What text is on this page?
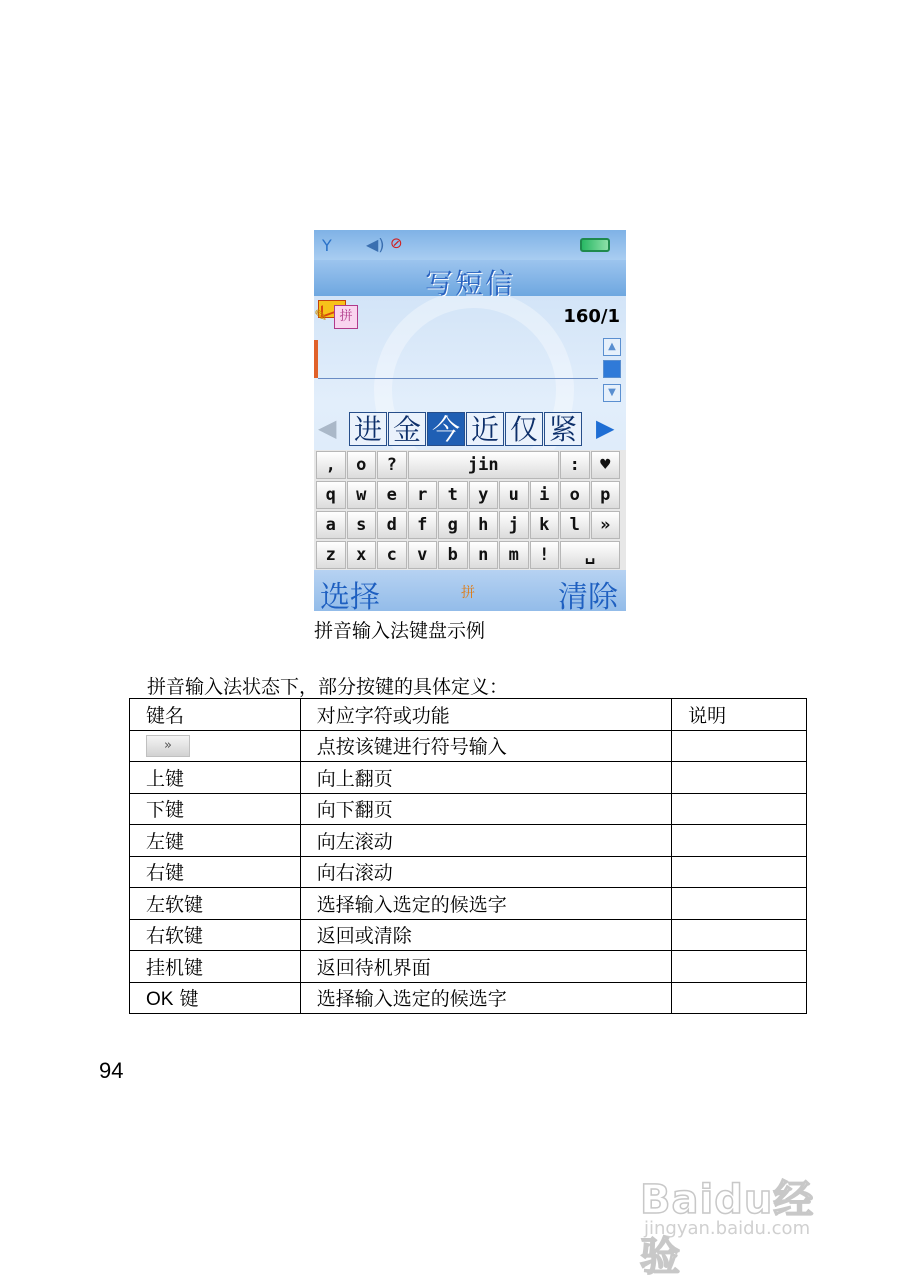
Y ◀) ⊘
写短信
✎ 拼	160/1
▲
▼
◀ 进 金 今 近 仅 紧 ▶
,	o	?	jin	:	♥
q	w	e	r	t	y	u	i	o	p
a	s	d	f	g	h	j	k	l	»
z	x	c	v	b	n	m	!	␣
选择	拼	清除
拼音输入法键盘示例
拼音输入法状态下，部分按键的具体定义：
键名	对应字符或功能	说明
»	点按该键进行符号输入	
上键	向上翻页	
下键	向下翻页	
左键	向左滚动	
右键	向右滚动	
左软键	选择输入选定的候选字	
右软键	返回或清除	
挂机键	返回待机界面	
OK 键	选择输入选定的候选字	
94
Baidu经验
jingyan.baidu.com
